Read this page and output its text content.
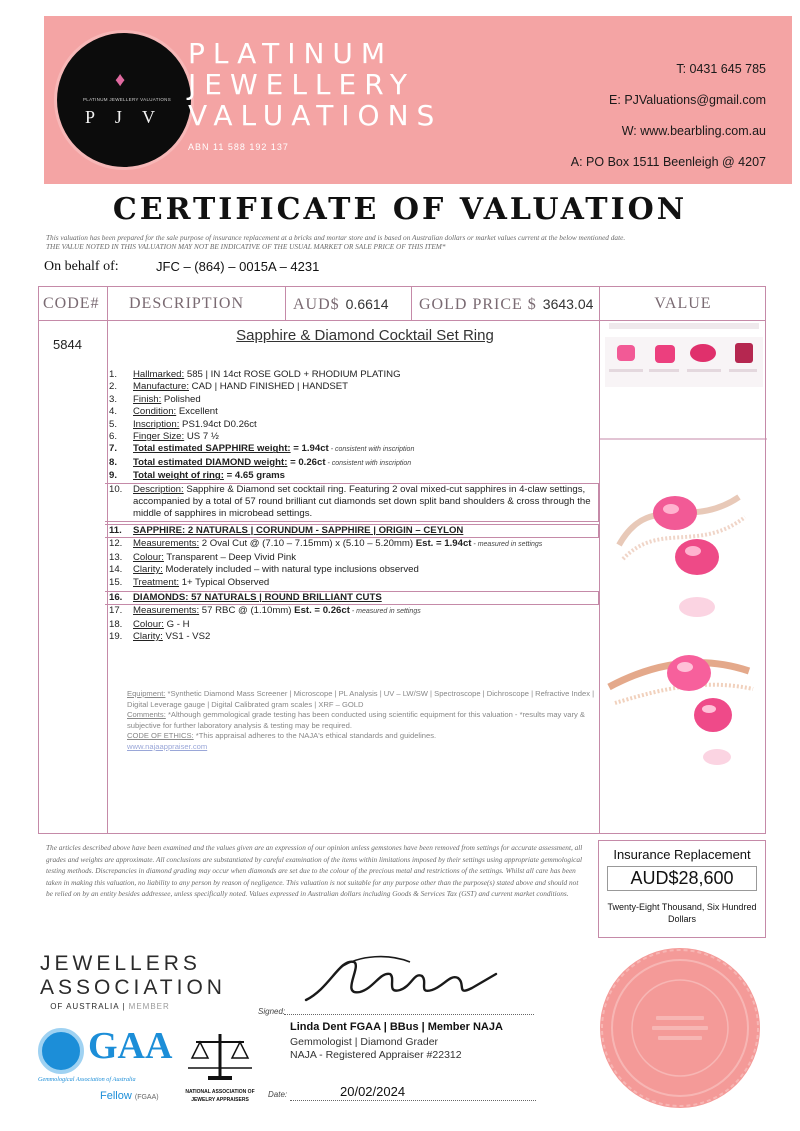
♦
PLATINUM JEWELLERY VALUATIONS
P J V
PLATINUM
JEWELLERY
VALUATIONS
ABN 11 588 192 137
T: 0431 645 785
E: PJValuations@gmail.com
W: www.bearbling.com.au
A: PO Box 1511 Beenleigh @ 4207
CERTIFICATE OF VALUATION
This valuation has been prepared for the sale purpose of insurance replacement at a bricks and mortar store and is based on Australian dollars or market values current at the below mentioned date.
THE VALUE NOTED IN THIS VALUATION MAY NOT BE INDICATIVE OF THE USUAL MARKET OR SALE PRICE OF THIS ITEM*
On behalf of:	JFC – (864) – 0015A – 4231
CODE# DESCRIPTION	AUD$ 0.6614 GOLD PRICE $ 3643.04	VALUE
5844
Sapphire & Diamond Cocktail Set Ring
1.	Hallmarked: 585 | IN 14ct ROSE GOLD + RHODIUM PLATING
2.	Manufacture: CAD | HAND FINISHED | HANDSET
3.	Finish: Polished
4.	Condition: Excellent
5.	Inscription: PS1.94ct D0.26ct
6.	Finger Size: US 7 ½
7.	Total estimated SAPPHIRE weight: = 1.94ct - consistent with inscription
8.	Total estimated DIAMOND weight: = 0.26ct - consistent with inscription
9.	Total weight of ring: = 4.65 grams
10.	Description: Sapphire & Diamond set cocktail ring. Featuring 2 oval mixed-cut sapphires in 4-claw settings, accompanied by a total of 57 round brilliant cut diamonds set down split band shoulders & cross through the middle of sapphires in microbead settings.
11.	SAPPHIRE: 2 NATURALS | CORUNDUM - SAPPHIRE | ORIGIN – CEYLON
12.	Measurements: 2 Oval Cut @ (7.10 – 7.15mm) x (5.10 – 5.20mm) Est. = 1.94ct - measured in settings
13.	Colour: Transparent – Deep Vivid Pink
14.	Clarity: Moderately included – with natural type inclusions observed
15.	Treatment: 1+ Typical Observed
16.	DIAMONDS: 57 NATURALS | ROUND BRILLIANT CUTS
17.	Measurements: 57 RBC @ (1.10mm) Est. = 0.26ct - measured in settings
18.	Colour: G - H
19.	Clarity: VS1 - VS2
Equipment: *Synthetic Diamond Mass Screener | Microscope | PL Analysis | UV – LW/SW | Spectroscope | Dichroscope | Refractive Index | Digital Leverage gauge | Digital Calibrated gram scales | XRF – GOLD
Comments: *Although gemmological grade testing has been conducted using scientific equipment for this valuation - *results may vary & subjective for further laboratory analysis & testing may be required.
CODE OF ETHICS: *This appraisal adheres to the NAJA's ethical standards and guidelines.
www.najaappraiser.com
The articles described above have been examined and the values given are an expression of our opinion unless gemstones have been removed from settings for accurate assessment, all grades and weights are approximate. All conclusions are substantiated by careful examination of the items within limitations imposed by their settings using appropriate gemmological testing methods. Discrepancies in diamond grading may occur when diamonds are set due to the colour of the precious metal and restrictions of the settings. Whilst all care has been taken in making this valuation, no liability to any person by reason of negligence. This valuation is not suitable for any purpose other than the purpose(s) stated above and should not be relied on by an entity besides addressee, unless specifically noted. Values expressed in Australian dollars including Goods & Services Tax (GST) and current market conditions.
Insurance Replacement
AUD$28,600
Twenty-Eight Thousand, Six Hundred Dollars
JEWELLERS
ASSOCIATION
OF AUSTRALIA | MEMBER
GAA
Gemmological Association of Australia
Fellow (FGAA)
NATIONAL ASSOCIATION OF
JEWELRY APPRAISERS
Signed:
Linda Dent FGAA | BBus | Member NAJA
Gemmologist | Diamond Grader
NAJA - Registered Appraiser #22312
Date:	20/02/2024
